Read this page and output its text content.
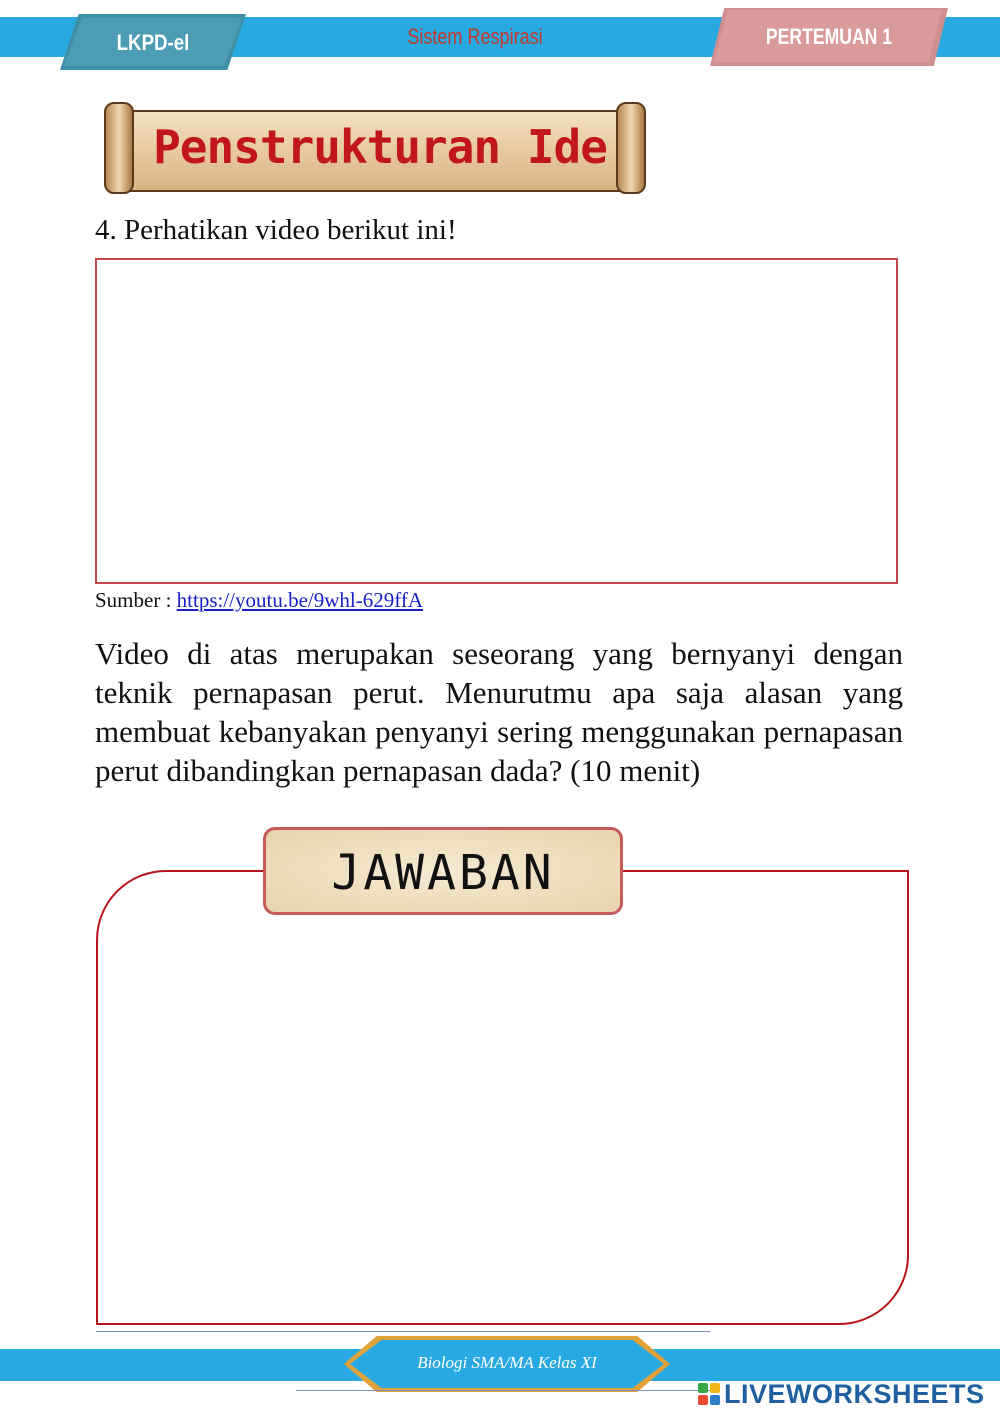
LKPD-el	Sistem Respirasi	PERTEMUAN 1
Penstrukturan Ide
4. Perhatikan video berikut ini!
Sumber : https://youtu.be/9whl-629ffA
Video di atas merupakan seseorang yang bernyanyi dengan teknik pernapasan perut. Menurutmu apa saja alasan yang membuat kebanyakan penyanyi sering menggunakan pernapasan perut dibandingkan pernapasan dada? (10 menit)
JAWABAN
Biologi SMA/MA Kelas XI
LIVEWORKSHEETS
